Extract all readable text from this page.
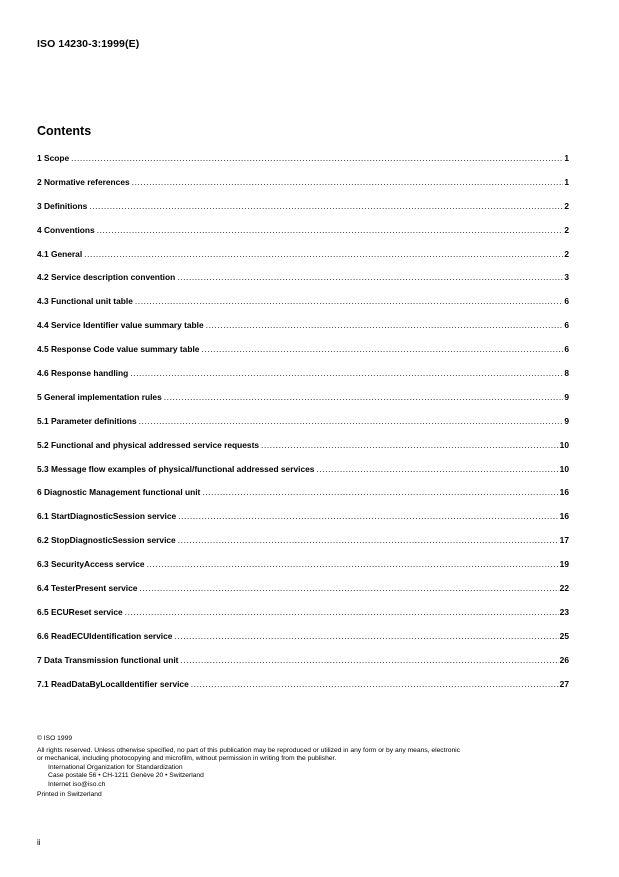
ISO 14230-3:1999(E)
Contents
1 Scope .....	1
2 Normative references .....	1
3 Definitions .....	2
4 Conventions .....	2
4.1 General .....	2
4.2 Service description convention .....	3
4.3 Functional unit table .....	6
4.4 Service Identifier value summary table .....	6
4.5 Response Code value summary table .....	6
4.6 Response handling .....	8
5 General implementation rules .....	9
5.1 Parameter definitions .....	9
5.2 Functional and physical addressed service requests .....	10
5.3 Message flow examples of physical/functional addressed services .....	10
6 Diagnostic Management functional unit .....	16
6.1 StartDiagnosticSession service .....	16
6.2 StopDiagnosticSession service .....	17
6.3 SecurityAccess service .....	19
6.4 TesterPresent service .....	22
6.5 ECUReset service .....	23
6.6 ReadECUIdentification service .....	25
7 Data Transmission functional unit .....	26
7.1 ReadDataByLocalIdentifier service .....	27
© ISO 1999
All rights reserved. Unless otherwise specified, no part of this publication may be reproduced or utilized in any form or by any means, electronic
or mechanical, including photocopying and microfilm, without permission in writing from the publisher.
International Organization for Standardization
Case postale 56 • CH-1211 Genève 20 • Switzerland
Internet iso@iso.ch
Printed in Switzerland
ii
